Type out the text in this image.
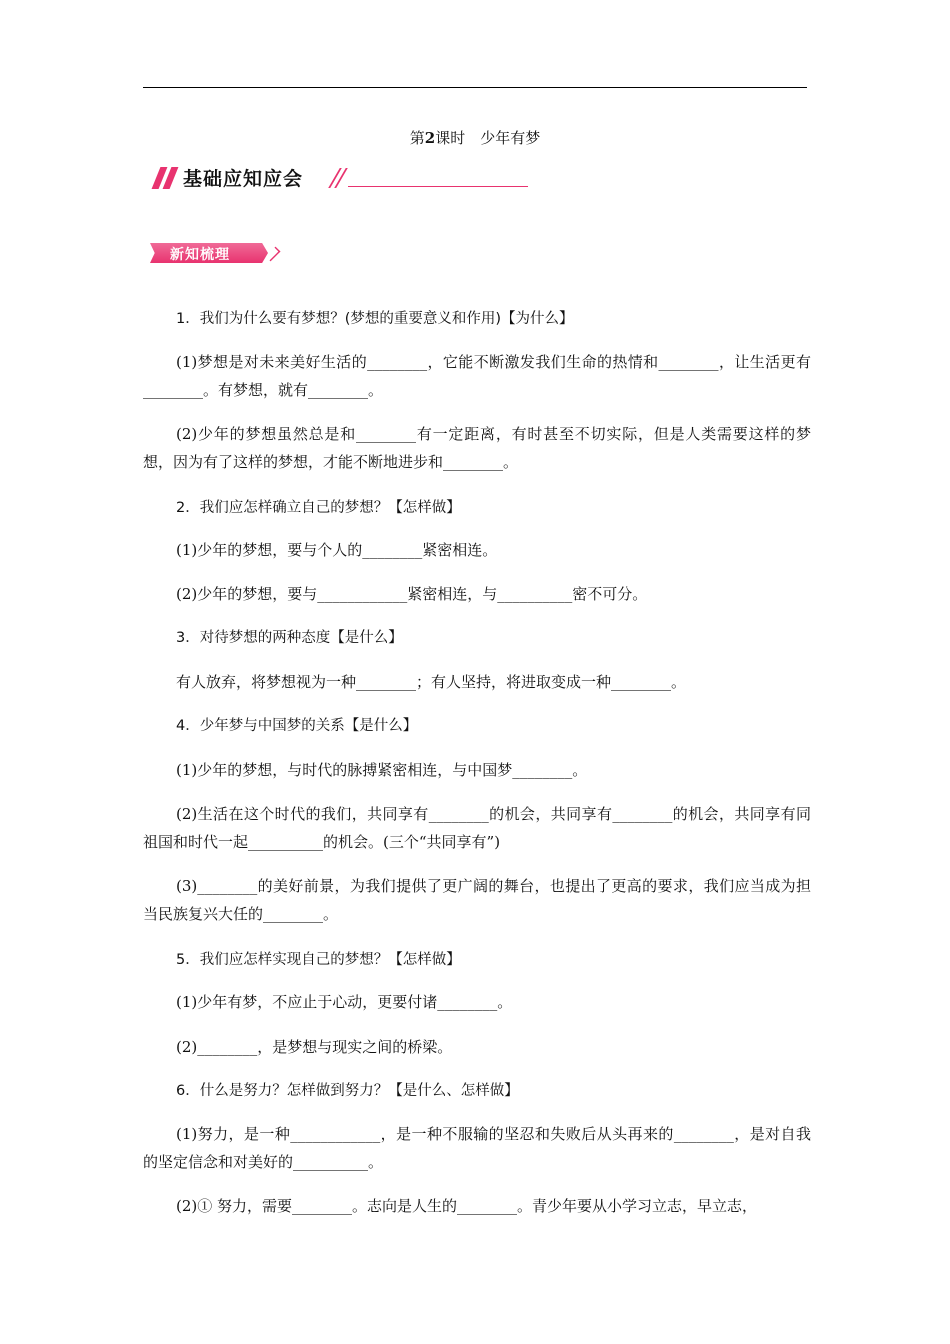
第2课时　少年有梦
基础应知应会
新知梳理
1．我们为什么要有梦想？(梦想的重要意义和作用)【为什么】
(1)梦想是对未来美好生活的________，它能不断激发我们生命的热情和________，让生活更有________。有梦想，就有________。
(2)少年的梦想虽然总是和________有一定距离，有时甚至不切实际，但是人类需要这样的梦想，因为有了这样的梦想，才能不断地进步和________。
2．我们应怎样确立自己的梦想？【怎样做】
(1)少年的梦想，要与个人的________紧密相连。
(2)少年的梦想，要与____________紧密相连，与__________密不可分。
3．对待梦想的两种态度【是什么】
有人放弃，将梦想视为一种________；有人坚持，将进取变成一种________。
4．少年梦与中国梦的关系【是什么】
(1)少年的梦想，与时代的脉搏紧密相连，与中国梦________。
(2)生活在这个时代的我们，共同享有________的机会，共同享有________的机会，共同享有同祖国和时代一起__________的机会。(三个“共同享有”)
(3)________的美好前景，为我们提供了更广阔的舞台，也提出了更高的要求，我们应当成为担当民族复兴大任的________。
5．我们应怎样实现自己的梦想？【怎样做】
(1)少年有梦，不应止于心动，更要付诸________。
(2)________，是梦想与现实之间的桥梁。
6．什么是努力？怎样做到努力？【是什么、怎样做】
(1)努力，是一种____________，是一种不服输的坚忍和失败后从头再来的________，是对自我的坚定信念和对美好的__________。
(2)① 努力，需要________。志向是人生的________。青少年要从小学习立志，早立志，
